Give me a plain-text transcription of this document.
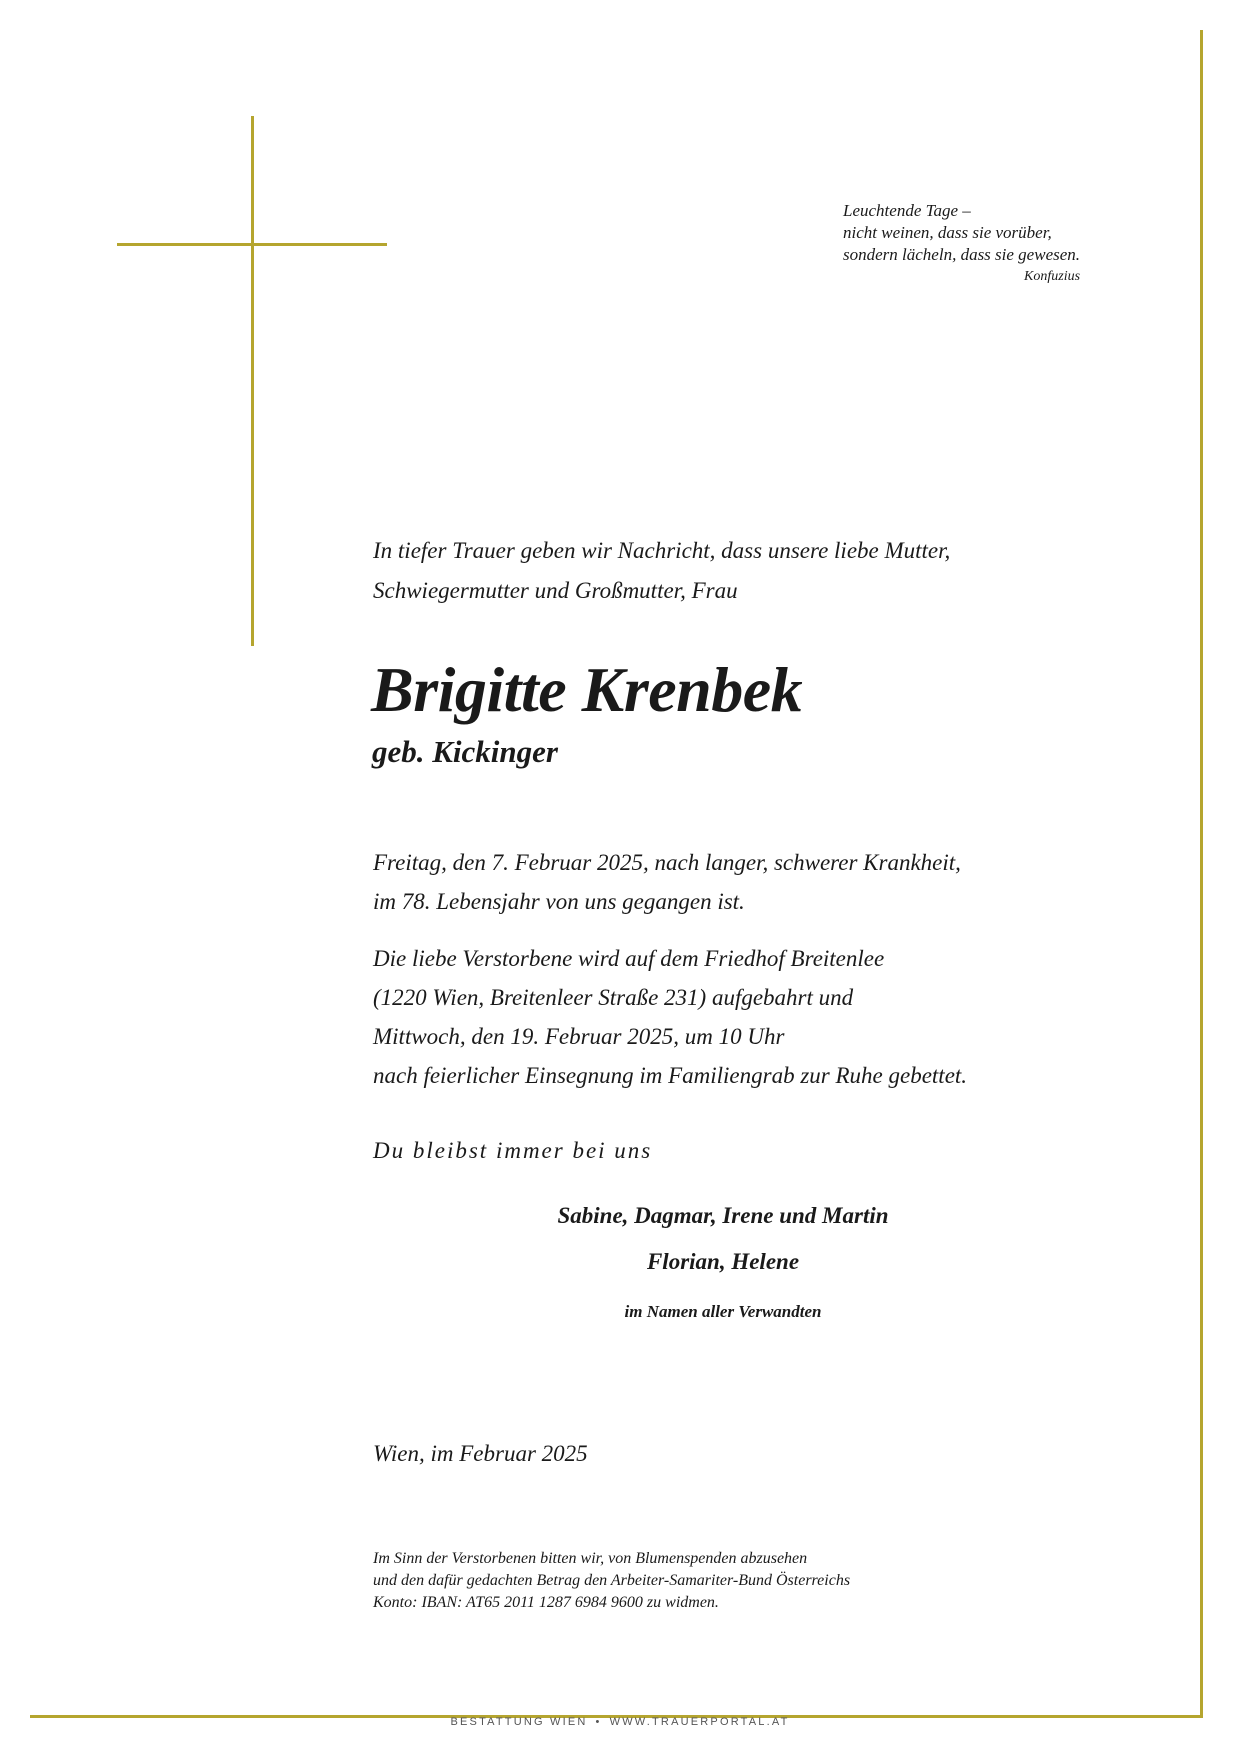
Leuchtende Tage –
nicht weinen, dass sie vorüber,
sondern lächeln, dass sie gewesen.
Konfuzius
In tiefer Trauer geben wir Nachricht, dass unsere liebe Mutter,
Schwiegermutter und Großmutter, Frau
Brigitte Krenbek
geb. Kickinger
Freitag, den 7. Februar 2025, nach langer, schwerer Krankheit,
im 78. Lebensjahr von uns gegangen ist.
Die liebe Verstorbene wird auf dem Friedhof Breitenlee
(1220 Wien, Breitenleer Straße 231) aufgebahrt und
Mittwoch, den 19. Februar 2025, um 10 Uhr
nach feierlicher Einsegnung im Familiengrab zur Ruhe gebettet.
Du bleibst immer bei uns
Sabine, Dagmar, Irene und Martin
Florian, Helene
im Namen aller Verwandten
Wien, im Februar 2025
Im Sinn der Verstorbenen bitten wir, von Blumenspenden abzusehen
und den dafür gedachten Betrag den Arbeiter-Samariter-Bund Österreichs
Konto: IBAN: AT65 2011 1287 6984 9600 zu widmen.
BESTATTUNG WIEN • WWW.TRAUERPORTAL.AT
